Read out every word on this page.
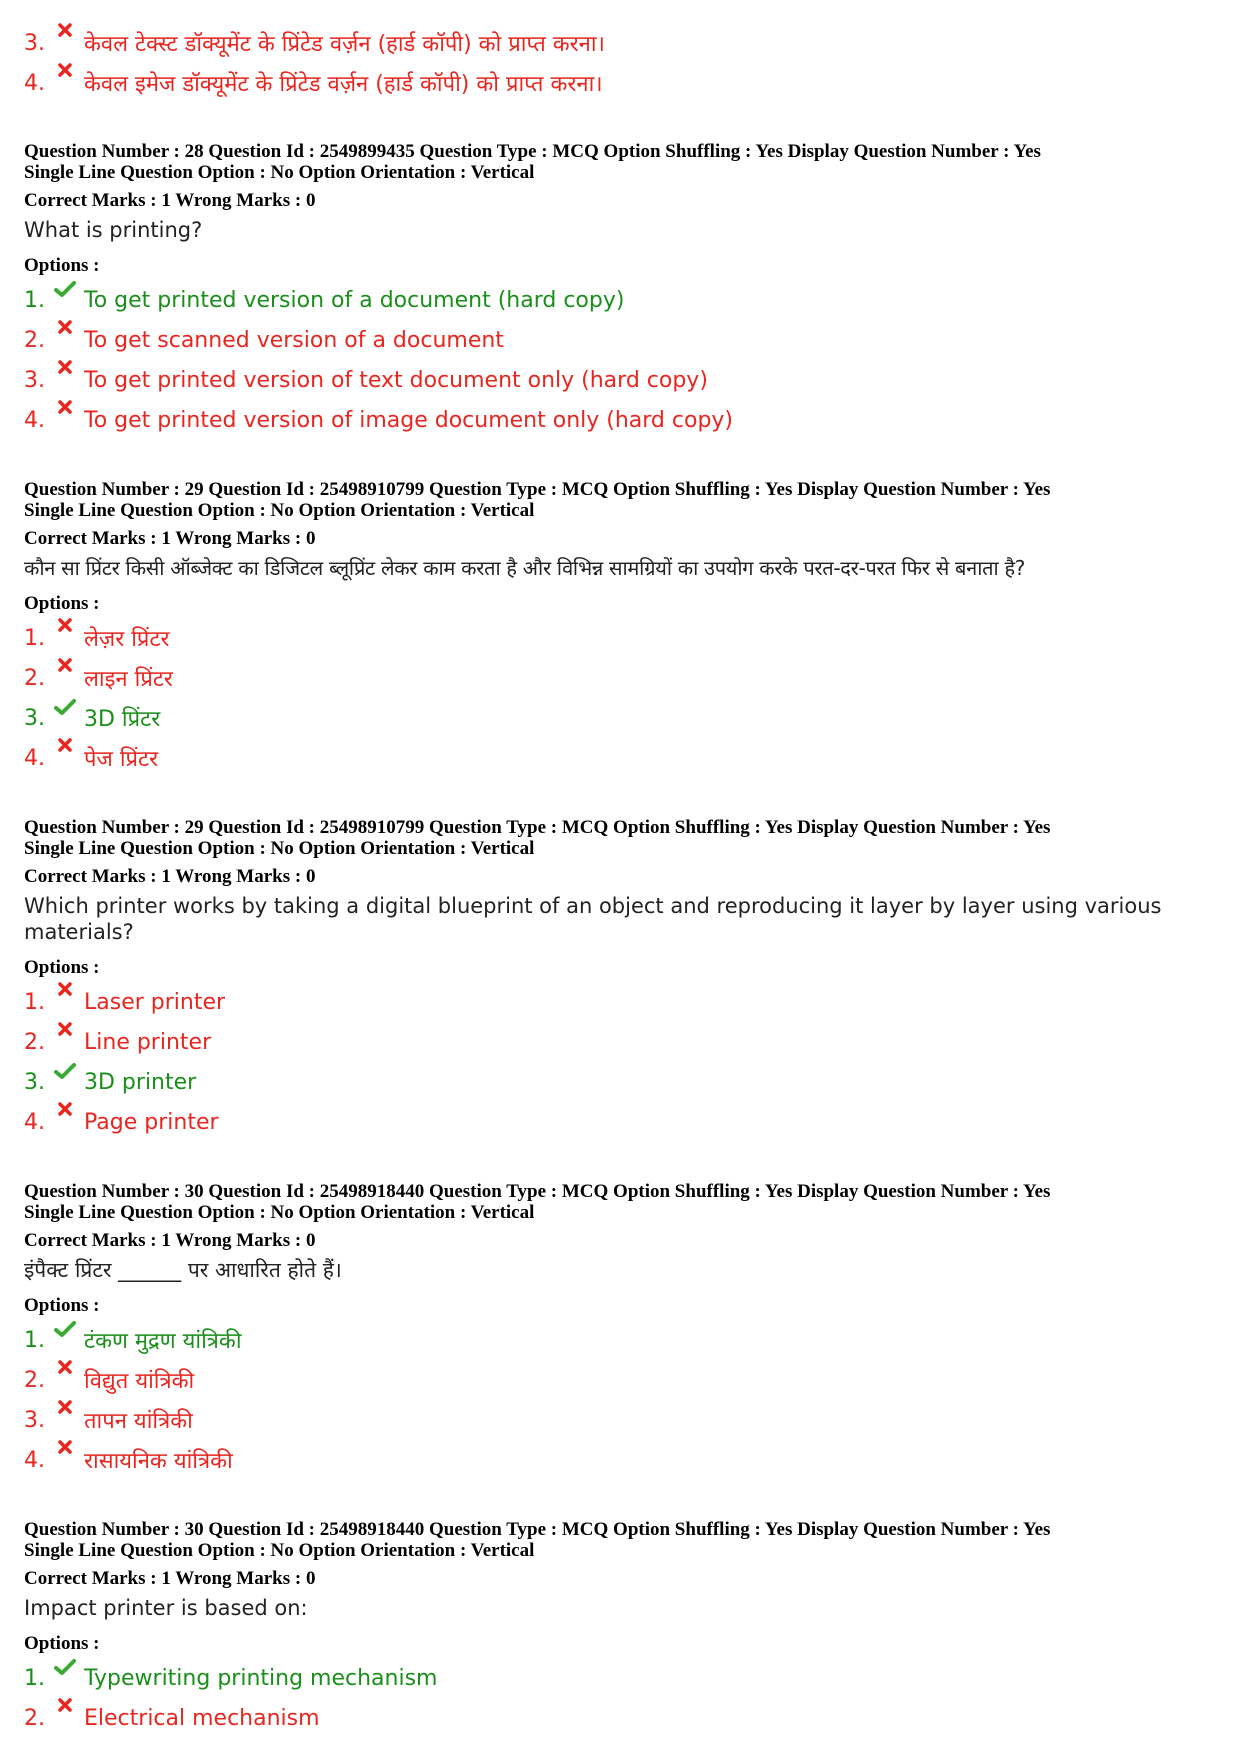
3. केवल टेक्स्ट डॉक्यूमेंट के प्रिंटेड वर्ज़न (हार्ड कॉपी) को प्राप्त करना।
4. केवल इमेज डॉक्यूमेंट के प्रिंटेड वर्ज़न (हार्ड कॉपी) को प्राप्त करना।
Question Number : 28 Question Id : 2549899435 Question Type : MCQ Option Shuffling : Yes Display Question Number : Yes
Single Line Question Option : No Option Orientation : Vertical
Correct Marks : 1 Wrong Marks : 0
What is printing?
Options :
1. To get printed version of a document (hard copy)
2. To get scanned version of a document
3. To get printed version of text document only (hard copy)
4. To get printed version of image document only (hard copy)
Question Number : 29 Question Id : 25498910799 Question Type : MCQ Option Shuffling : Yes Display Question Number : Yes
Single Line Question Option : No Option Orientation : Vertical
Correct Marks : 1 Wrong Marks : 0
कौन सा प्रिंटर किसी ऑब्जेक्ट का डिजिटल ब्लूप्रिंट लेकर काम करता है और विभिन्न सामग्रियों का उपयोग करके परत-दर-परत फिर से बनाता है?
Options :
1. लेज़र प्रिंटर
2. लाइन प्रिंटर
3. 3D प्रिंटर
4. पेज प्रिंटर
Question Number : 29 Question Id : 25498910799 Question Type : MCQ Option Shuffling : Yes Display Question Number : Yes
Single Line Question Option : No Option Orientation : Vertical
Correct Marks : 1 Wrong Marks : 0
Which printer works by taking a digital blueprint of an object and reproducing it layer by layer using various materials?
Options :
1. Laser printer
2. Line printer
3. 3D printer
4. Page printer
Question Number : 30 Question Id : 25498918440 Question Type : MCQ Option Shuffling : Yes Display Question Number : Yes
Single Line Question Option : No Option Orientation : Vertical
Correct Marks : 1 Wrong Marks : 0
इंपैक्ट प्रिंटर ______ पर आधारित होते हैं।
Options :
1. टंकण मुद्रण यांत्रिकी
2. विद्युत यांत्रिकी
3. तापन यांत्रिकी
4. रासायनिक यांत्रिकी
Question Number : 30 Question Id : 25498918440 Question Type : MCQ Option Shuffling : Yes Display Question Number : Yes
Single Line Question Option : No Option Orientation : Vertical
Correct Marks : 1 Wrong Marks : 0
Impact printer is based on:
Options :
1. Typewriting printing mechanism
2. Electrical mechanism
